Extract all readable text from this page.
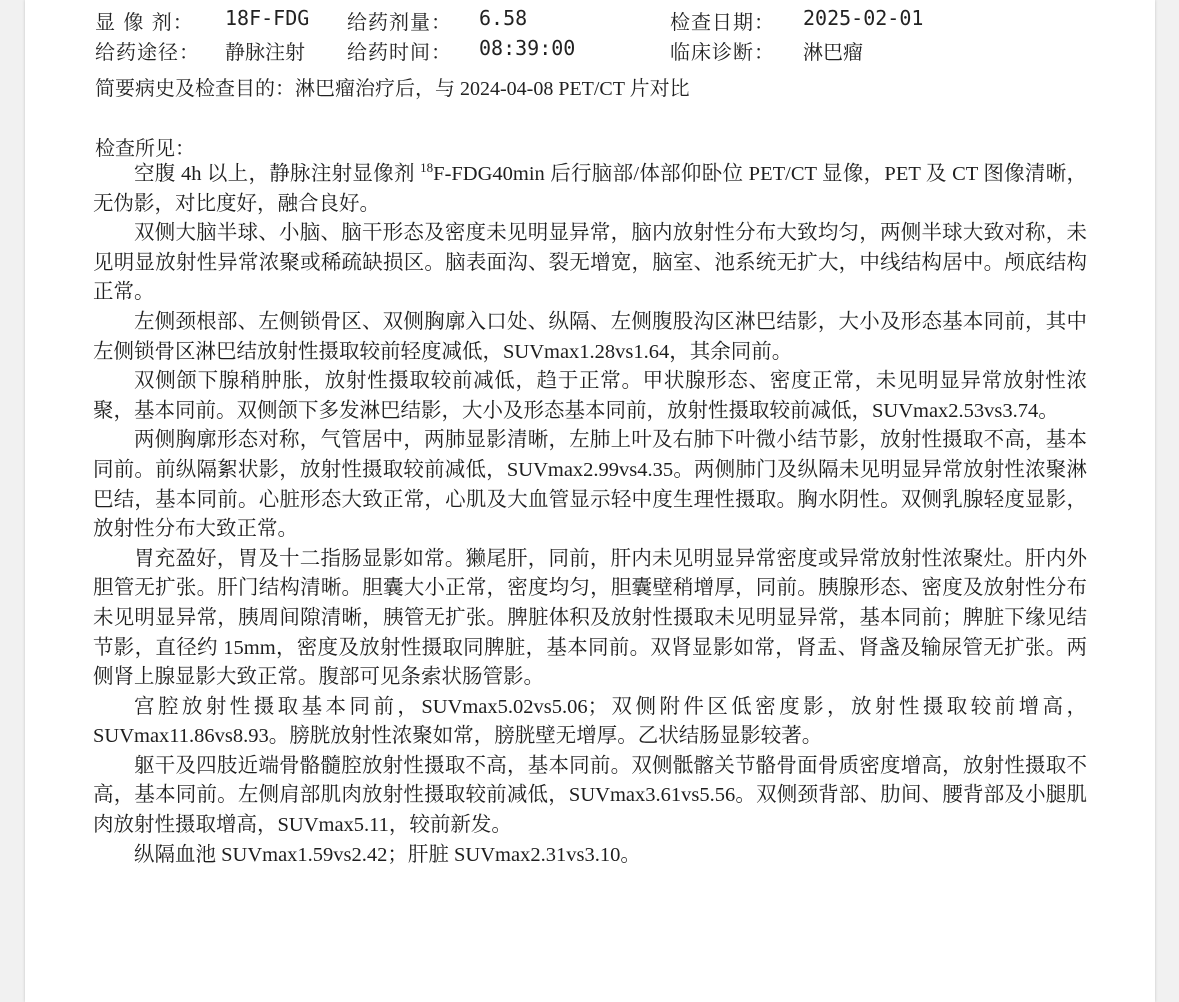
显 像 剂： 18F-FDG 给药剂量： 6.58	检查日期： 2025-02-01
给药途径： 静脉注射 给药时间： 08:39:00	临床诊断： 淋巴瘤
简要病史及检查目的：淋巴瘤治疗后，与 2024-04-08 PET/CT 片对比
检查所见：

空腹 4h 以上，静脉注射显像剂 $^{18}$F-FDG40min 后行脑部/体部仰卧位 PET/CT 显像，PET 及 CT 图像清晰，无伪影，对比度好，融合良好。

双侧大脑半球、小脑、脑干形态及密度未见明显异常，脑内放射性分布大致均匀，两侧半球大致对称，未见明显放射性异常浓聚或稀疏缺损区。脑表面沟、裂无增宽，脑室、池系统无扩大，中线结构居中。颅底结构正常。

左侧颈根部、左侧锁骨区、双侧胸廓入口处、纵隔、左侧腹股沟区淋巴结影，大小及形态基本同前，其中左侧锁骨区淋巴结放射性摄取较前轻度减低，SUVmax1.28vs1.64，其余同前。

双侧颌下腺稍肿胀，放射性摄取较前减低，趋于正常。甲状腺形态、密度正常，未见明显异常放射性浓聚，基本同前。双侧颌下多发淋巴结影，大小及形态基本同前，放射性摄取较前减低，SUVmax2.53vs3.74。

两侧胸廓形态对称，气管居中，两肺显影清晰，左肺上叶及右肺下叶微小结节影，放射性摄取不高，基本同前。前纵隔絮状影，放射性摄取较前减低，SUVmax2.99vs4.35。两侧肺门及纵隔未见明显异常放射性浓聚淋巴结，基本同前。心脏形态大致正常，心肌及大血管显示轻中度生理性摄取。胸水阴性。双侧乳腺轻度显影，放射性分布大致正常。

胃充盈好，胃及十二指肠显影如常。獭尾肝，同前，肝内未见明显异常密度或异常放射性浓聚灶。肝内外胆管无扩张。肝门结构清晰。胆囊大小正常，密度均匀，胆囊壁稍增厚，同前。胰腺形态、密度及放射性分布未见明显异常，胰周间隙清晰，胰管无扩张。脾脏体积及放射性摄取未见明显异常，基本同前；脾脏下缘见结节影，直径约 15mm，密度及放射性摄取同脾脏，基本同前。双肾显影如常，肾盂、肾盏及输尿管无扩张。两侧肾上腺显影大致正常。腹部可见条索状肠管影。

宫腔放射性摄取基本同前，SUVmax5.02vs5.06；双侧附件区低密度影，放射性摄取较前增高，SUVmax11.86vs8.93。膀胱放射性浓聚如常，膀胱壁无增厚。乙状结肠显影较著。

躯干及四肢近端骨骼髓腔放射性摄取不高，基本同前。双侧骶髂关节骼骨面骨质密度增高，放射性摄取不高，基本同前。左侧肩部肌肉放射性摄取较前减低，SUVmax3.61vs5.56。双侧颈背部、肋间、腰背部及小腿肌肉放射性摄取增高，SUVmax5.11，较前新发。

纵隔血池 SUVmax1.59vs2.42；肝脏 SUVmax2.31vs3.10。
